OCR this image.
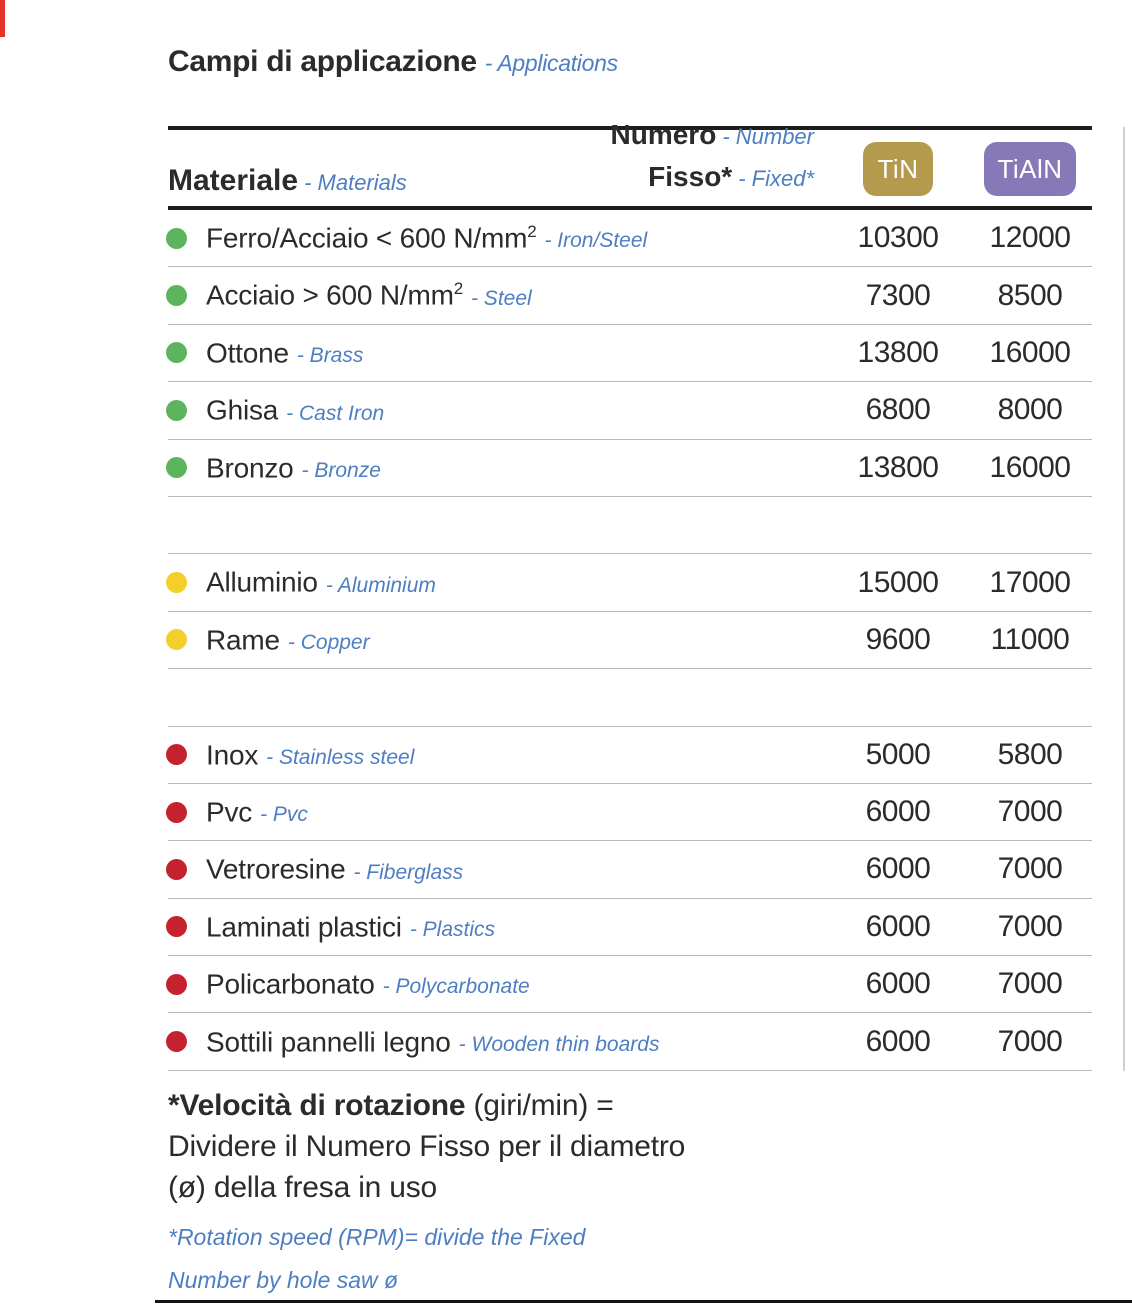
Campi di applicazione - Applications
Materiale - Materials
Numero - Number
Fisso* - Fixed*	TiN	TiAlN
Ferro/Acciaio < 600 $N/mm^2$ - Iron/Steel	10300	12000
Acciaio > 600 $N/mm^2$ - Steel	7300	8500
Ottone - Brass	13800	16000
Ghisa - Cast Iron	6800	8000
Bronzo - Bronze	13800	16000
Alluminio - Aluminium	15000	17000
Rame - Copper	9600	11000
Inox - Stainless steel	5000	5800
Pvc - Pvc	6000	7000
Vetroresine - Fiberglass	6000	7000
Laminati plastici - Plastics	6000	7000
Policarbonato - Polycarbonate	6000	7000
Sottili pannelli legno - Wooden thin boards	6000	7000
*Velocità di rotazione (giri/min) =
Dividere il Numero Fisso per il diametro
(ø) della fresa in uso
*Rotation speed (RPM)= divide the Fixed
Number by hole saw ø
